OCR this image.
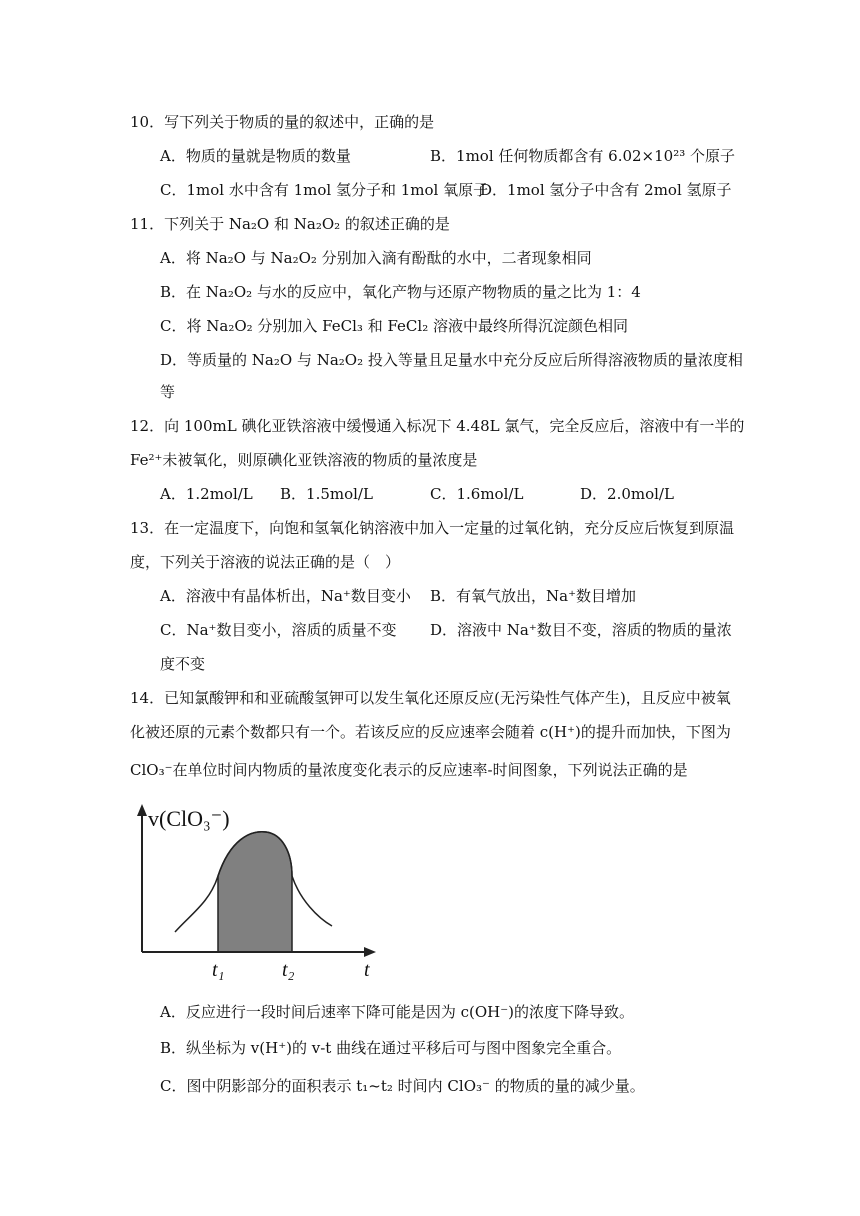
10．写下列关于物质的量的叙述中，正确的是
A．物质的量就是物质的数量	B．1mol 任何物质都含有 6.02×10²³ 个原子
C．1mol 水中含有 1mol 氢分子和 1mol 氧原子
D．1mol 氢分子中含有 2mol 氢原子
11．下列关于 Na₂O 和 Na₂O₂ 的叙述正确的是
A．将 Na₂O 与 Na₂O₂ 分别加入滴有酚酞的水中，二者现象相同
B．在 Na₂O₂ 与水的反应中，氧化产物与还原产物物质的量之比为 1：4
C．将 Na₂O₂ 分别加入 FeCl₃ 和 FeCl₂ 溶液中最终所得沉淀颜色相同
D．等质量的 Na₂O 与 Na₂O₂ 投入等量且足量水中充分反应后所得溶液物质的量浓度相
等
12．向 100mL 碘化亚铁溶液中缓慢通入标况下 4.48L 氯气，完全反应后，溶液中有一半的
Fe²⁺未被氧化，则原碘化亚铁溶液的物质的量浓度是
A．1.2mol/L B．1.5mol/L	C．1.6mol/L	D．2.0mol/L
13．在一定温度下，向饱和氢氧化钠溶液中加入一定量的过氧化钠，充分反应后恢复到原温
度，下列关于溶液的说法正确的是（　）
A．溶液中有晶体析出，Na⁺数目变小 B．有氧气放出，Na⁺数目增加
C．Na⁺数目变小，溶质的质量不变 D．溶液中 Na⁺数目不变，溶质的物质的量浓
度不变
14．已知氯酸钾和和亚硫酸氢钾可以发生氧化还原反应(无污染性气体产生)，且反应中被氧
化被还原的元素个数都只有一个。若该反应的反应速率会随着 c(H⁺)的提升而加快，下图为
ClO₃⁻在单位时间内物质的量浓度变化表示的反应速率-时间图象，下列说法正确的是
v(ClO₃⁻)
t
t₁	t₂
A．反应进行一段时间后速率下降可能是因为 c(OH⁻)的浓度下降导致。
B．纵坐标为 v(H⁺)的 v-t 曲线在通过平移后可与图中图象完全重合。
C．图中阴影部分的面积表示 t₁~t₂ 时间内 ClO₃⁻ 的物质的量的减少量。
